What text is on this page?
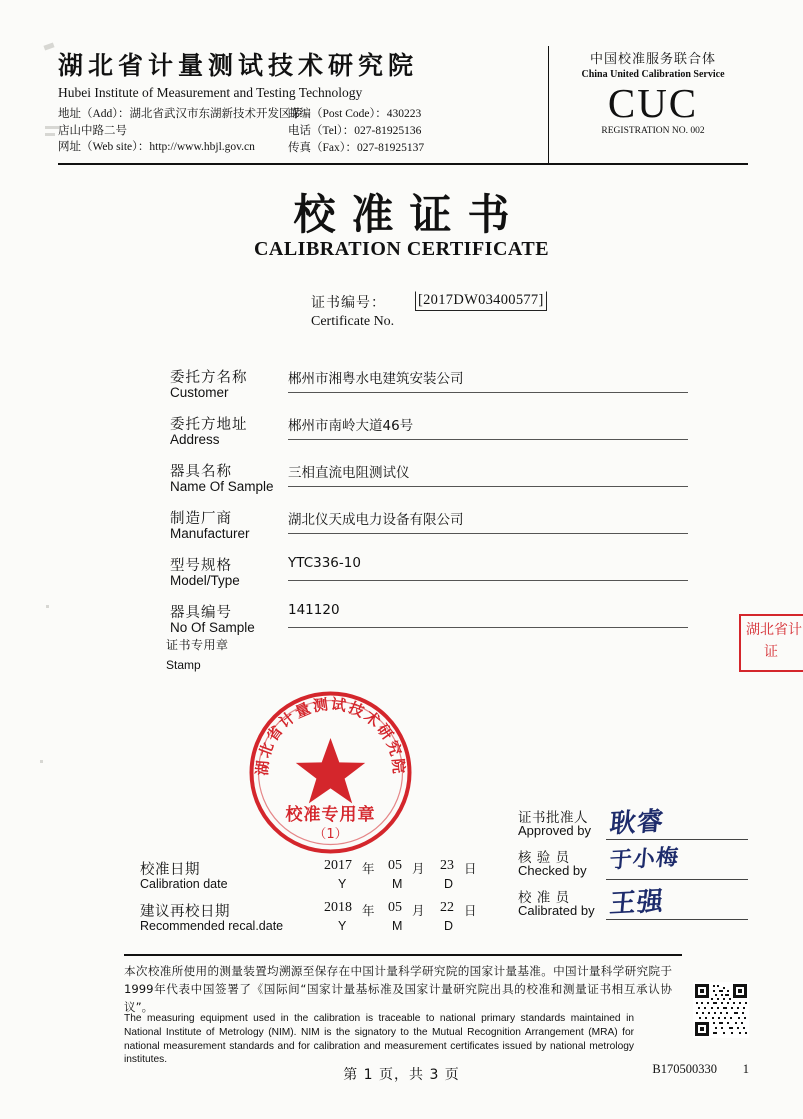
湖北省计量测试技术研究院
Hubei Institute of Measurement and Testing Technology
地址（Add）：湖北省武汉市东湖新技术开发区茅
邮编（Post Code）：430223
店山中路二号	电话（Tel）：027-81925136
网址（Web site）：http://www.hbjl.gov.cn	传真（Fax）：027-81925137
中国校准服务联合体
China United Calibration Service
CUC
REGISTRATION NO. 002
校准证书
CALIBRATION CERTIFICATE
证书编号：
Certificate No.
[2017DW03400577]
委托方名称
Customer
郴州市湘粤水电建筑安装公司
委托方地址
Address
郴州市南岭大道46号
器具名称
Name Of Sample
三相直流电阻测试仪
制造厂商
Manufacturer
湖北仪天成电力设备有限公司
型号规格
Model/Type
YTC336-10
器具编号
No Of Sample
141120
证书专用章
Stamp
湖北省计量测试技术研究院
校准专用章
（1）
湖北省计
证
证书批准人
Approved by 耿睿
核 验 员
Checked by 于小梅
校 准 员
Calibrated by 王强
校准日期
Calibration date
2017 年
Y
05 月
M
23 日
D
建议再校日期
Recommended recal.date
2018 年
Y
05 月
M
22 日
D
本次校准所使用的测量装置均溯源至保存在中国计量科学研究院的国家计量基准。中国计量科学研究院于1999年代表中国签署了《国际间“国家计量基标准及国家计量研究院出具的校准和测量证书相互承认协议”。
The measuring equipment used in the calibration is traceable to national primary standards maintained in National Institute of Metrology (NIM). NIM is the signatory to the Mutual Recognition Arrangement (MRA) for national measurement standards and for calibration and measurement certificates issued by national metrology institutes.
第 1 页，共 3 页	B170500330 1
